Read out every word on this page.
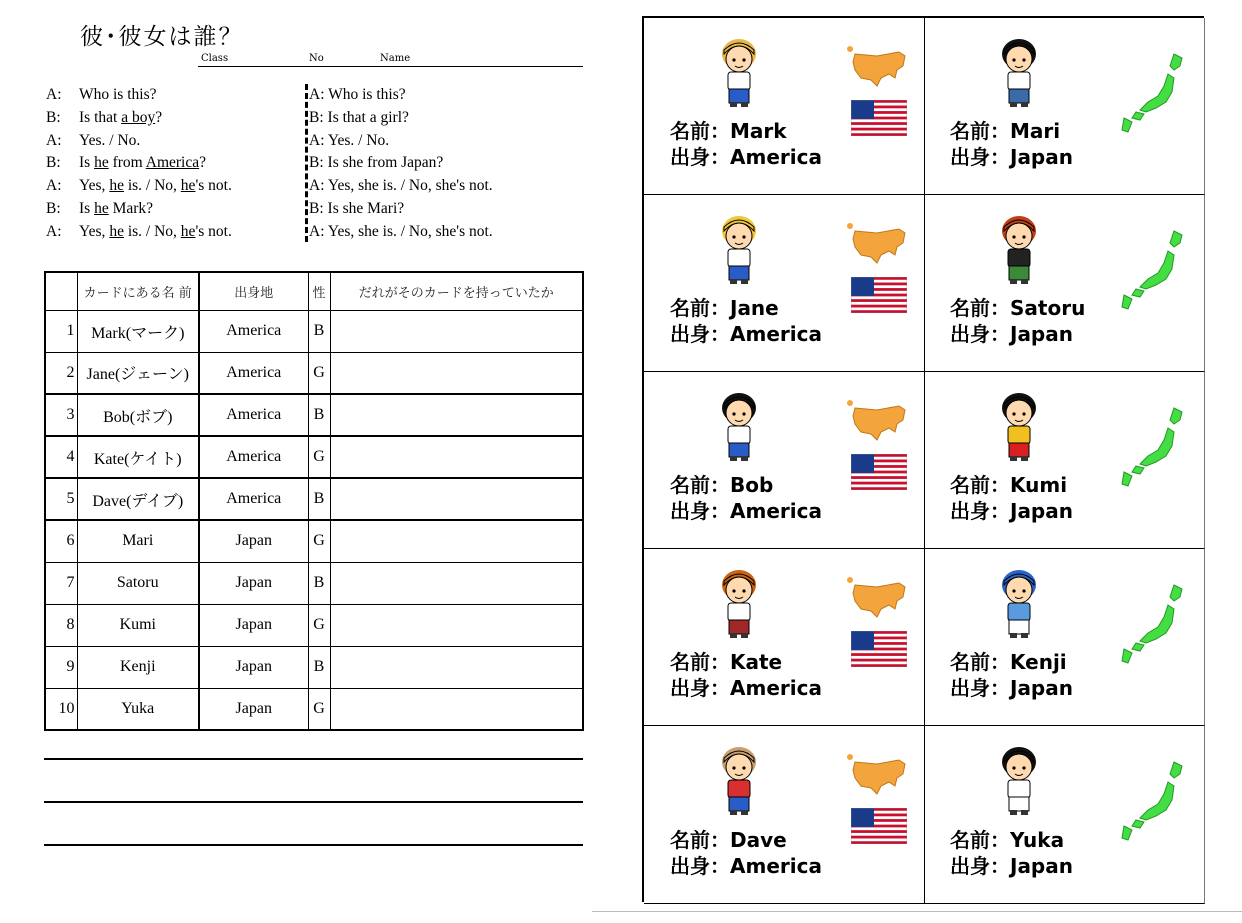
彼･彼女は誰？
Class	No	Name
A: Who is this?
B: Is that a boy?
A: Yes. / No.
B: Is he from America?
A: Yes, he is. / No, he's not.
B: Is he Mark?
A: Yes, he is. / No, he's not.
A: Who is this?
B: Is that a girl?
A: Yes. / No.
B: Is she from Japan?
A: Yes, she is. / No, she's not.
B: Is she Mari?
A: Yes, she is. / No, she's not.
	カードにある名 前	出身地	性	だれがそのカードを持っていたか
1	Mark(マーク)	America	B	
2	Jane(ジェーン)	America	G	
3	Bob(ボブ)	America	B	
4	Kate(ケイト)	America	G	
5	Dave(デイブ)	America	B	
6	Mari	Japan	G	
7	Satoru	Japan	B	
8	Kumi	Japan	G	
9	Kenji	Japan	B	
10	Yuka	Japan	G	
名前：Mark
出身：America
名前：Mari
出身：Japan
名前：Jane
出身：America
名前：Satoru
出身：Japan
名前：Bob
出身：America
名前：Kumi
出身：Japan
名前：Kate
出身：America
名前：Kenji
出身：Japan
名前：Dave
出身：America
名前：Yuka
出身：Japan
